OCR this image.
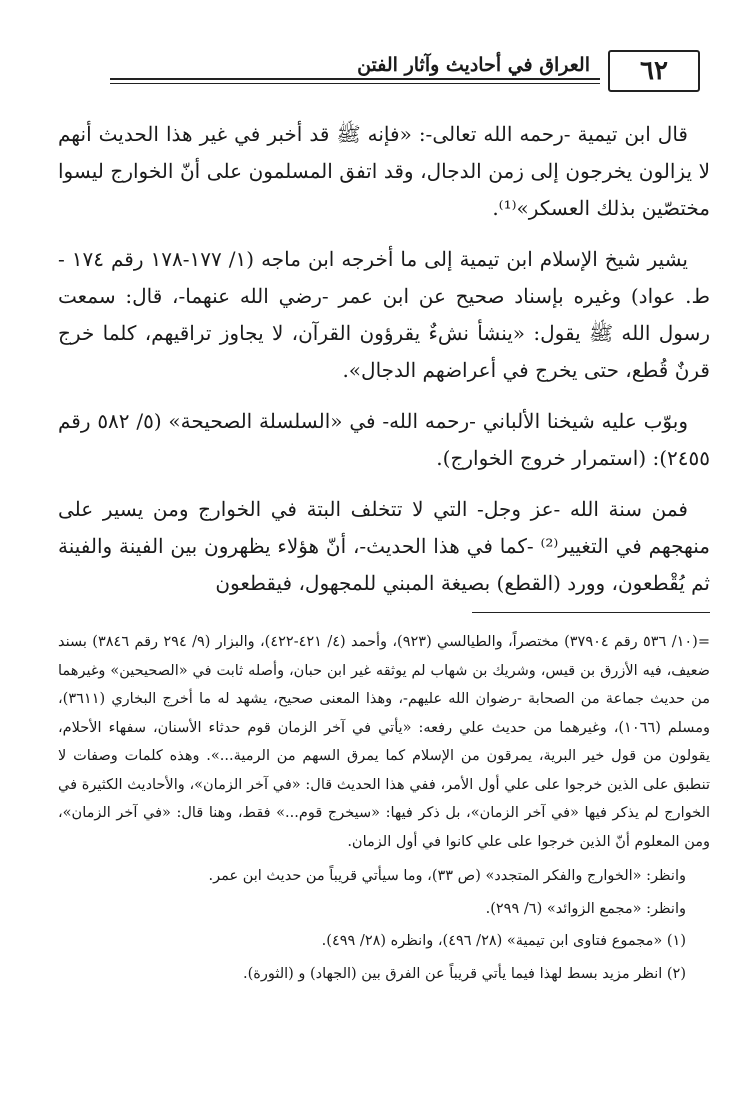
٦٢
العراق في أحاديث وآثار الفتن

قال ابن تيمية -رحمه الله تعالى-: «فإنه ﷺ قد أخبر في غير هذا الحديث أنهم لا يزالون يخرجون إلى زمن الدجال، وقد اتفق المسلمون على أنّ الخوارج ليسوا مختصّين بذلك العسكر»⁽¹⁾.

يشير شيخ الإسلام ابن تيمية إلى ما أخرجه ابن ماجه (١/ ١٧٧-١٧٨ رقم ١٧٤ - ط. عواد) وغيره بإسناد صحيح عن ابن عمر -رضي الله عنهما-، قال: سمعت رسول الله ﷺ يقول: «ينشأ نشءٌ يقرؤون القرآن، لا يجاوز تراقيهم، كلما خرج قرنٌ قُطع، حتى يخرج في أعراضهم الدجال».

وبوّب عليه شيخنا الألباني -رحمه الله- في «السلسلة الصحيحة» (٥/ ٥٨٢ رقم ٢٤٥٥): (استمرار خروج الخوارج).

فمن سنة الله -عز وجل- التي لا تتخلف البتة في الخوارج ومن يسير على منهجهم في التغيير⁽²⁾ -كما في هذا الحديث-، أنّ هؤلاء يظهرون بين الفينة والفينة ثم يُقْطعون، وورد (القطع) بصيغة المبني للمجهول، فيقطعون

=(١٠/ ٥٣٦ رقم ٣٧٩٠٤) مختصراً، والطيالسي (٩٢٣)، وأحمد (٤/ ٤٢١-٤٢٢)، والبزار (٩/ ٢٩٤ رقم ٣٨٤٦) بسند ضعيف، فيه الأزرق بن قيس، وشريك بن شهاب لم يوثقه غير ابن حبان، وأصله ثابت في «الصحيحين» وغيرهما من حديث جماعة من الصحابة -رضوان الله عليهم-، وهذا المعنى صحيح، يشهد له ما أخرج البخاري (٣٦١١)، ومسلم (١٠٦٦)، وغيرهما من حديث علي رفعه: «يأتي في آخر الزمان قوم حدثاء الأسنان، سفهاء الأحلام، يقولون من قول خير البرية، يمرقون من الإسلام كما يمرق السهم من الرمية...». وهذه كلمات وصفات لا تنطبق على الذين خرجوا على علي أول الأمر، ففي هذا الحديث قال: «في آخر الزمان»، والأحاديث الكثيرة في الخوارج لم يذكر فيها «في آخر الزمان»، بل ذكر فيها: «سيخرج قوم...» فقط، وهنا قال: «في آخر الزمان»، ومن المعلوم أنّ الذين خرجوا على علي كانوا في أول الزمان.

وانظر: «الخوارج والفكر المتجدد» (ص ٣٣)، وما سيأتي قريباً من حديث ابن عمر.

وانظر: «مجمع الزوائد» (٦/ ٢٩٩).

(١) «مجموع فتاوى ابن تيمية» (٢٨/ ٤٩٦)، وانظره (٢٨/ ٤٩٩).

(٢) انظر مزيد بسط لهذا فيما يأتي قريباً عن الفرق بين (الجهاد) و (الثورة).
